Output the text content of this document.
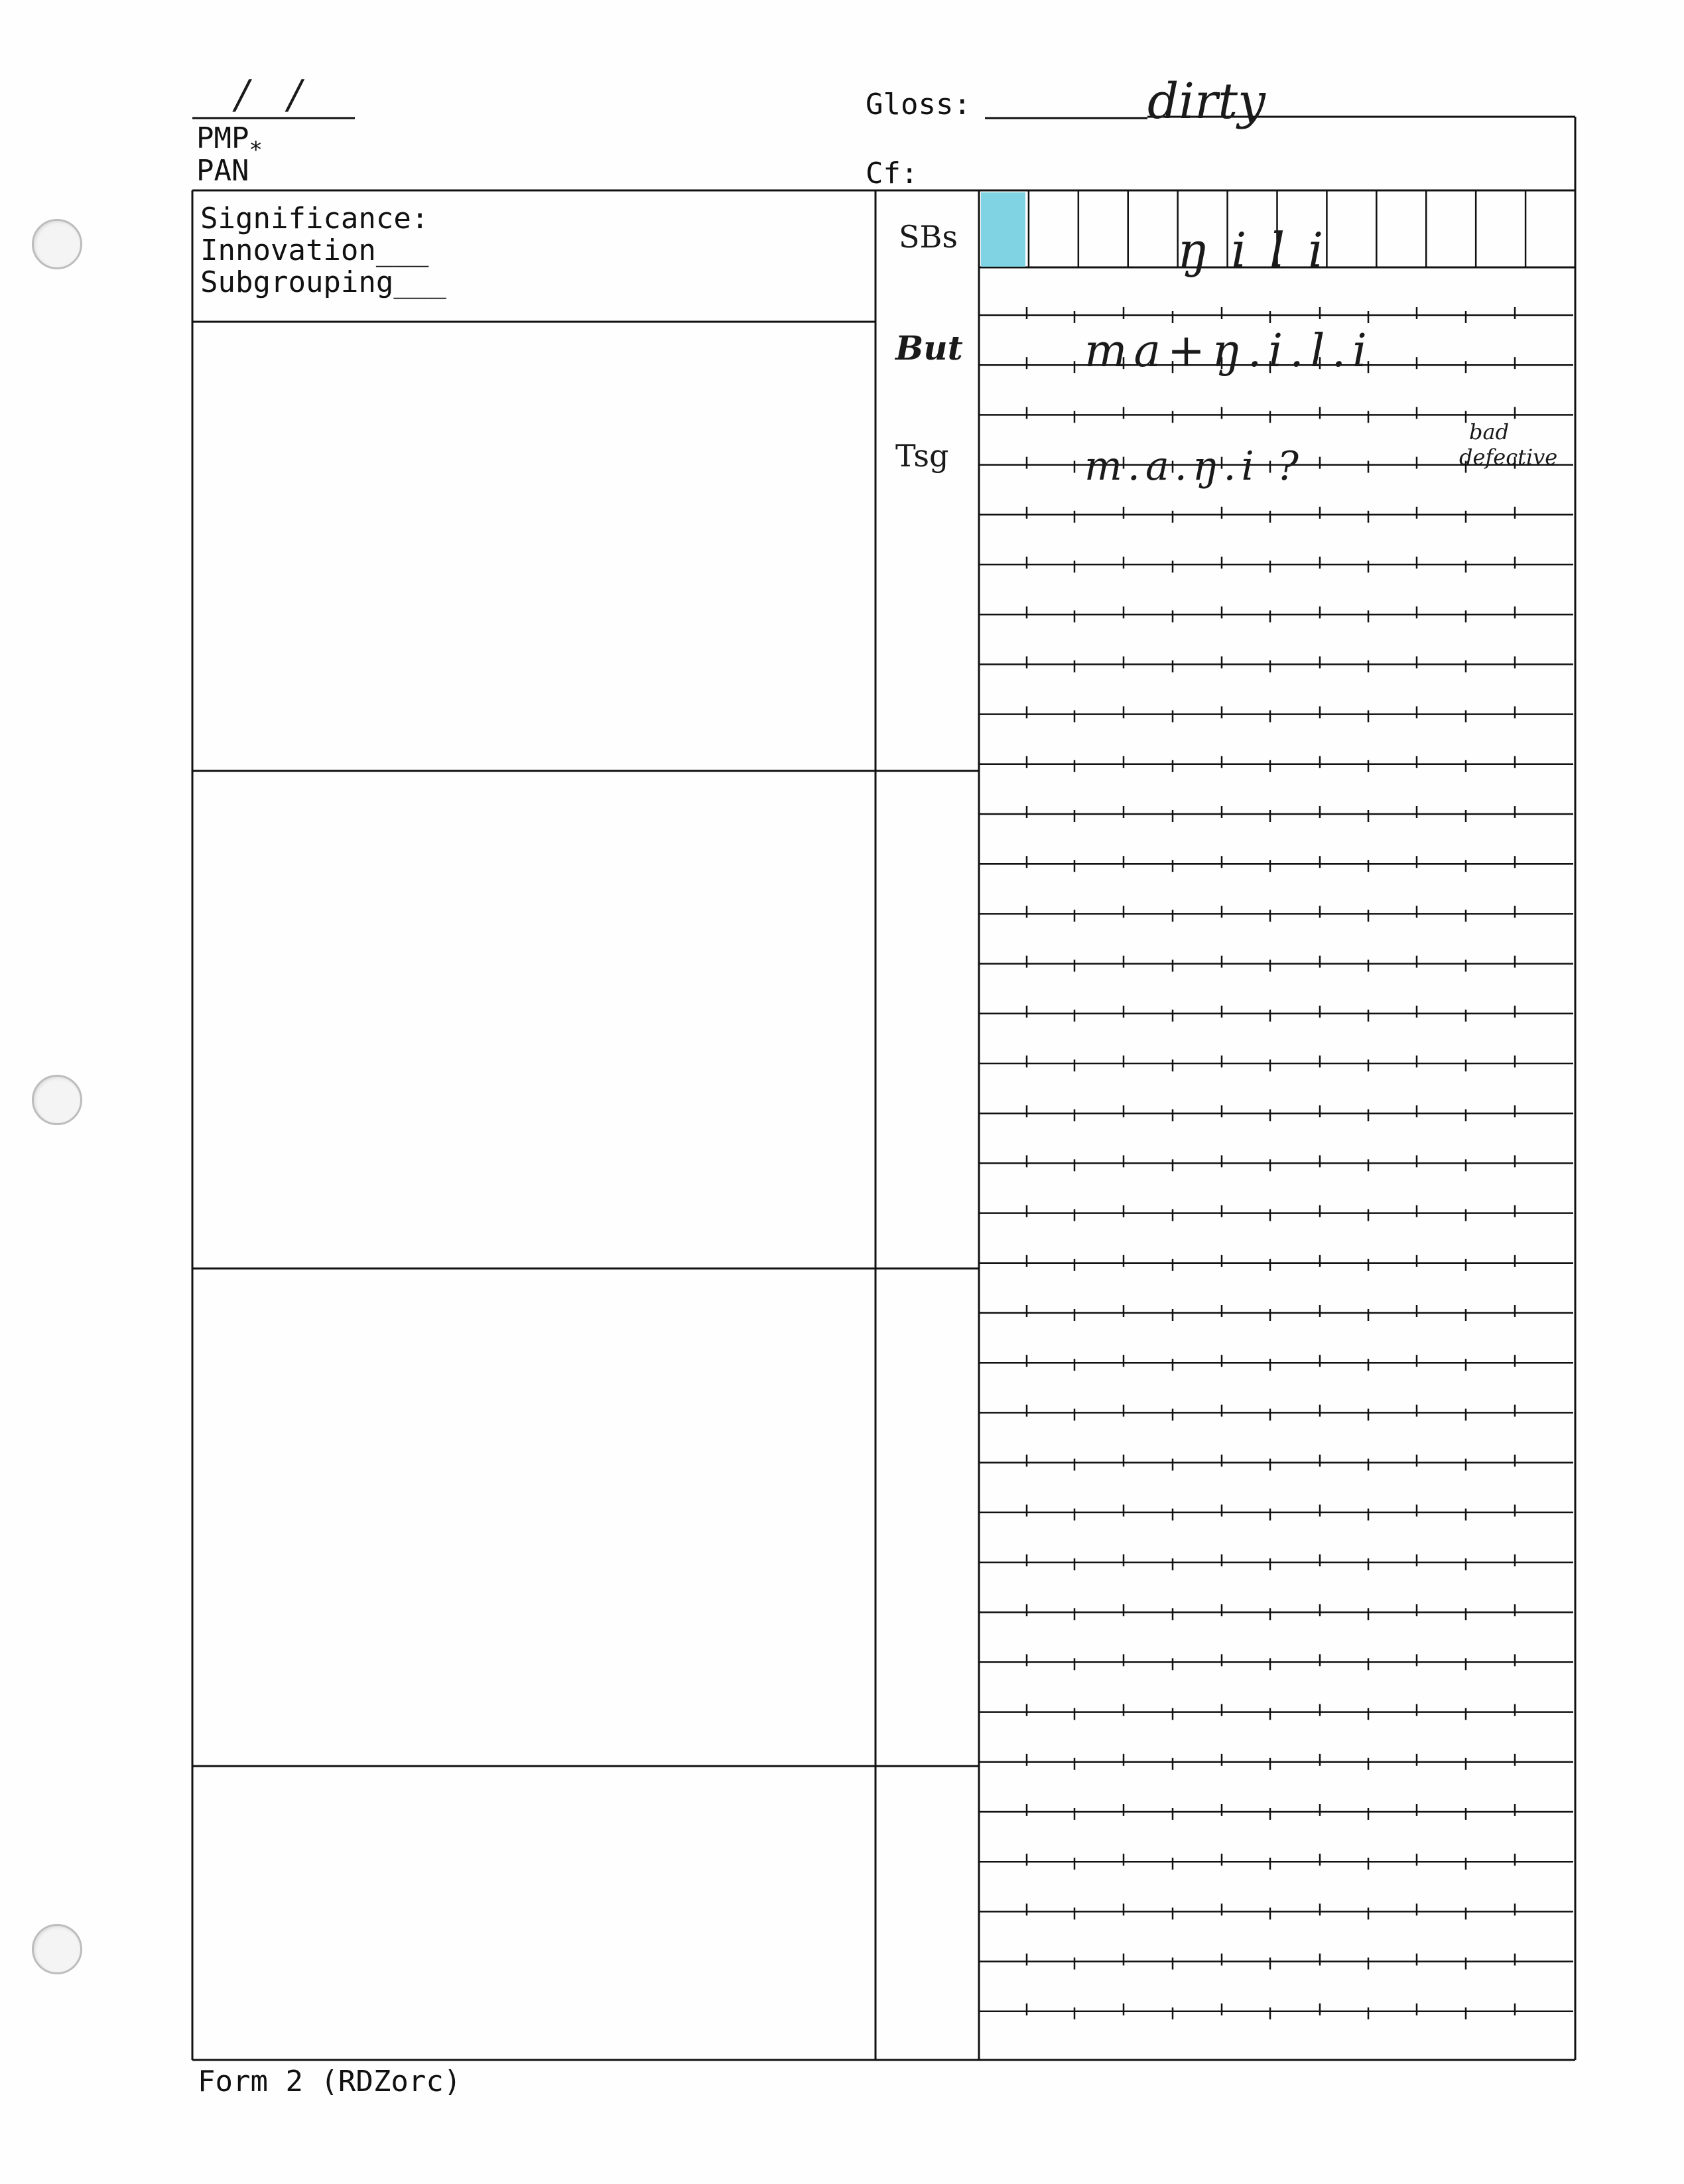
/ /
$PMP_*$
PAN
Gloss:	dirty
Cf:
Significance:
Innovation___
Subgrouping___
SBs
But
Tsg
ŋ i l i
ma+ŋ.i.l.i
m.a.ŋ.i ?
bad
defective
Form 2 (RDZorc)
